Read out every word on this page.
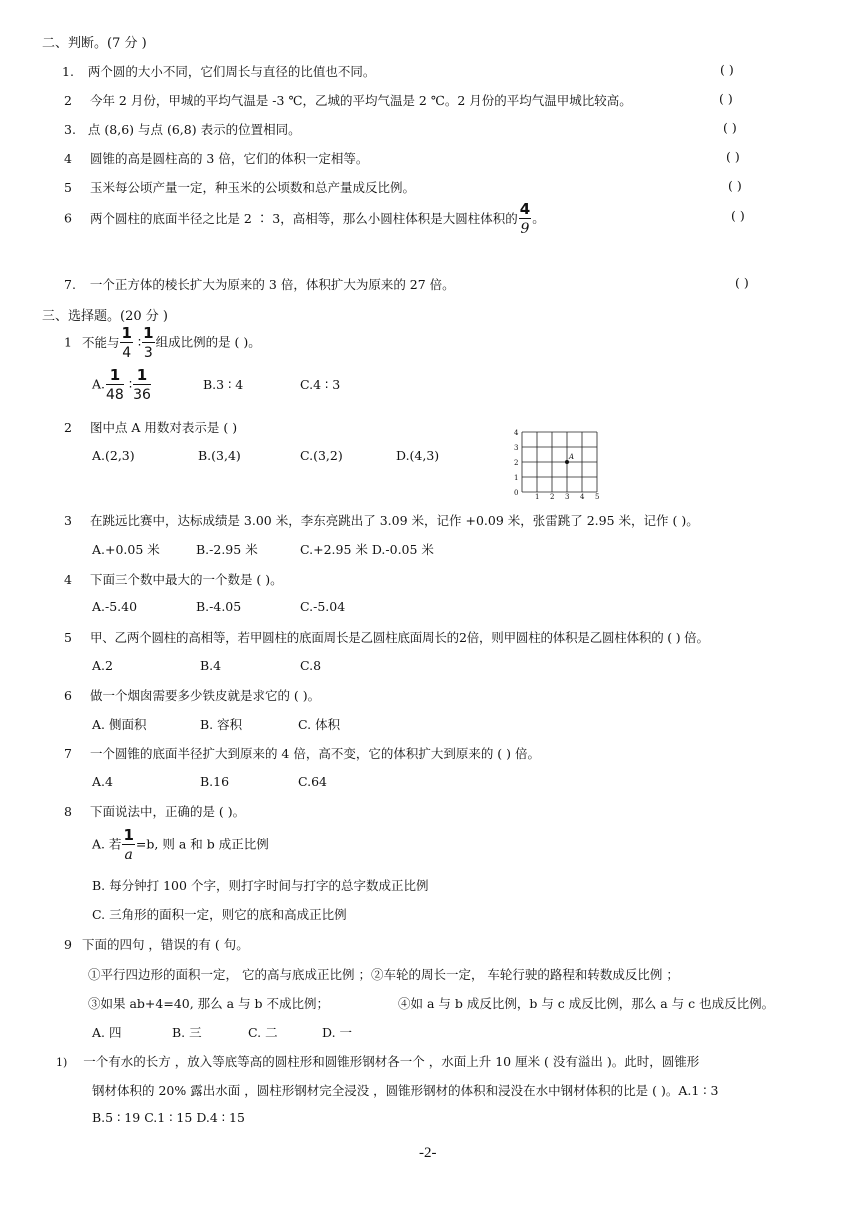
二、判断。(7 分 )
1. 两个圆的大小不同，它们周长与直径的比值也不同。	( )
2 今年 2 月份，甲城的平均气温是 -3 ℃，乙城的平均气温是 2 ℃。2 月份的平均气温甲城比较高。	( )
3. 点 (8,6) 与点 (6,8) 表示的位置相同。	( )
4 圆锥的高是圆柱高的 3 倍，它们的体积一定相等。	( )
5 玉米每公顷产量一定，种玉米的公顷数和总产量成反比例。	( )
6 两个圆柱的底面半径之比是 2 ∶ 3，高相等，那么小圆柱体积是大圆柱体积的 $\frac{4}{9}$ 。	( )
7. 一个正方体的棱长扩大为原来的 3 倍，体积扩大为原来的 27 倍。	( )
三、选择题。(20 分 )
1 不能与 $\frac{1}{4}$ ∶ $\frac{1}{3}$ 组成比例的是 ( )。
A. $\frac{1}{48}$ ∶ $\frac{1}{36}$	B.3 ∶ 4	C.4 ∶ 3
2 图中点 A 用数对表示是 ( )
A.(2,3)	B.(3,4)	C.(3,2)	D.(4,3)
4
3
2
1
0 1 2 3 4 5
A
3 在跳远比赛中，达标成绩是 3.00 米，李东亮跳出了 3.09 米，记作 +0.09 米，张雷跳了 2.95 米，记作 ( )。
A.+0.05 米	B.-2.95 米	C.+2.95 米 D.-0.05 米
4 下面三个数中最大的一个数是 ( )。
A.-5.40	B.-4.05	C.-5.04
5 甲、乙两个圆柱的高相等，若甲圆柱的底面周长是乙圆柱底面周长的2倍，则甲圆柱的体积是乙圆柱体积的 ( ) 倍。
A.2	B.4	C.8
6 做一个烟囱需要多少铁皮就是求它的 ( )。
A. 侧面积	B. 容积	C. 体积
7 一个圆锥的底面半径扩大到原来的 4 倍，高不变，它的体积扩大到原来的 ( ) 倍。
A.4	B.16	C.64
8 下面说法中，正确的是 ( )。
A. 若 $\frac{1}{a} =b$, 则 a 和 b 成正比例
B. 每分钟打 100 个字，则打字时间与打字的总字数成正比例
C. 三角形的面积一定，则它的底和高成正比例
9 下面的四句 ，错误的有 ( 句。
①平行四边形的面积一定， 它的高与底成正比例 ；②车轮的周长一定， 车轮行驶的路程和转数成反比例 ；
③如果 ab+4=40, 那么 a 与 b 不成比例；	④如 a 与 b 成反比例，b 与 c 成反比例，那么 a 与 c 也成反比例。
A. 四	B. 三	C. 二	D. 一
1) 一个有水的长方 ，放入等底等高的圆柱形和圆锥形钢材各一个 ，水面上升 10 厘米 ( 没有溢出 )。此时，圆锥形
钢材体积的 20% 露出水面 ，圆柱形钢材完全浸没 ，圆锥形钢材的体积和浸没在水中钢材体积的比是 ( )。A.1 ∶ 3
B.5 ∶ 19 C.1 ∶ 15 D.4 ∶ 15
-2-
